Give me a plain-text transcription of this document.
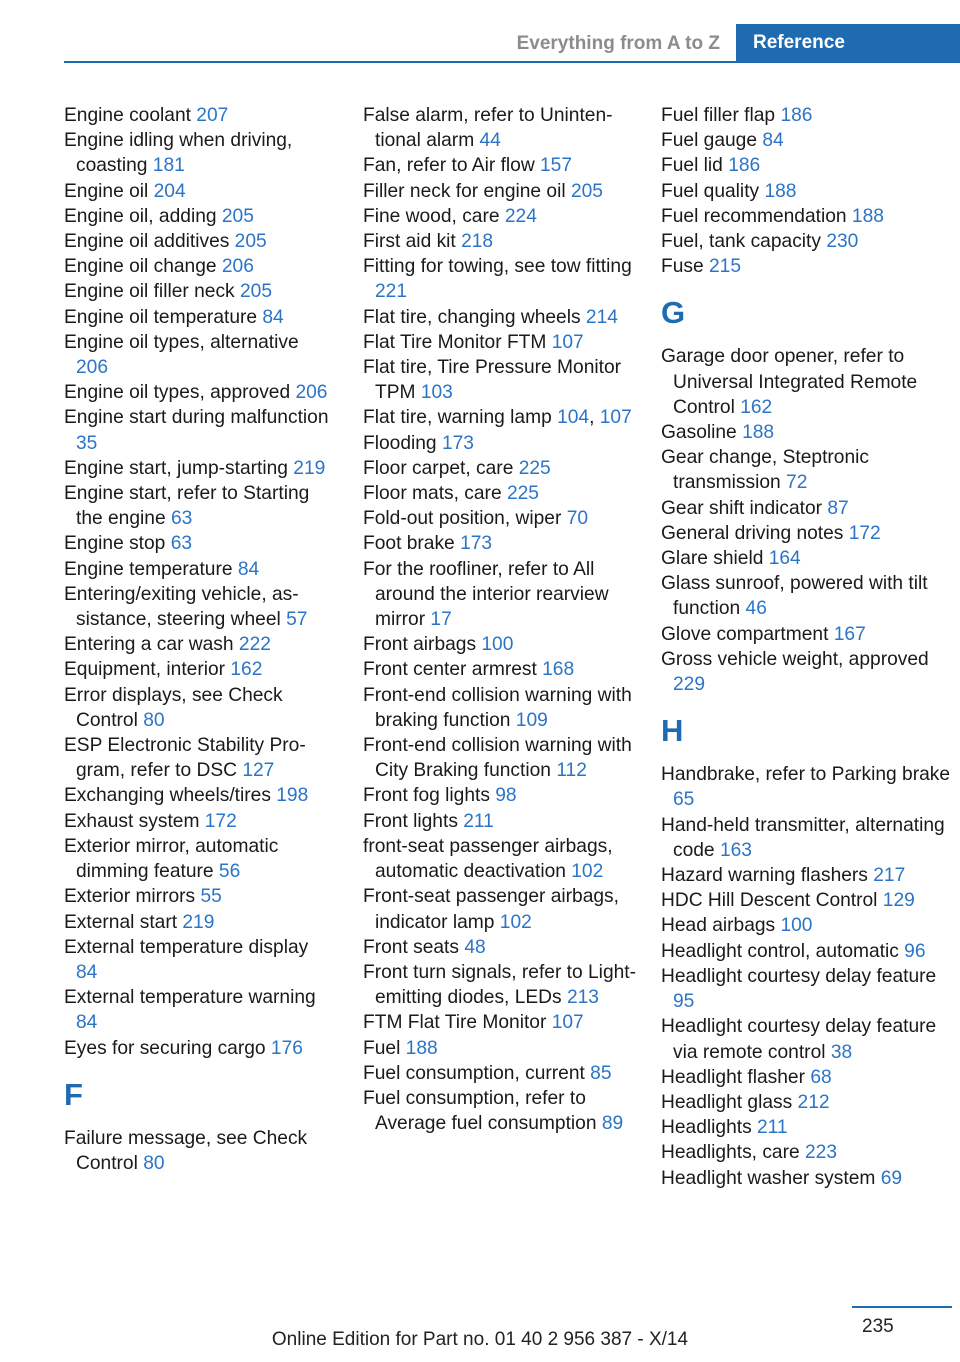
Everything from A to Z	Reference
Engine coolant 207
Engine idling when driving, coasting 181
Engine oil 204
Engine oil, adding 205
Engine oil additives 205
Engine oil change 206
Engine oil filler neck 205
Engine oil temperature 84
Engine oil types, alternative 206
Engine oil types, approved 206
Engine start during malfunction 35
Engine start, jump-starting 219
Engine start, refer to Starting the engine 63
Engine stop 63
Engine temperature 84
Entering/exiting vehicle, assistance, steering wheel 57
Entering a car wash 222
Equipment, interior 162
Error displays, see Check Control 80
ESP Electronic Stability Program, refer to DSC 127
Exchanging wheels/tires 198
Exhaust system 172
Exterior mirror, automatic dimming feature 56
Exterior mirrors 55
External start 219
External temperature display 84
External temperature warning 84
Eyes for securing cargo 176
F
Failure message, see Check Control 80
False alarm, refer to Unintentional alarm 44
Fan, refer to Air flow 157
Filler neck for engine oil 205
Fine wood, care 224
First aid kit 218
Fitting for towing, see tow fitting 221
Flat tire, changing wheels 214
Flat Tire Monitor FTM 107
Flat tire, Tire Pressure Monitor TPM 103
Flat tire, warning lamp 104, 107
Flooding 173
Floor carpet, care 225
Floor mats, care 225
Fold-out position, wiper 70
Foot brake 173
For the roofliner, refer to All around the interior rearview mirror 17
Front airbags 100
Front center armrest 168
Front-end collision warning with braking function 109
Front-end collision warning with City Braking function 112
Front fog lights 98
Front lights 211
front-seat passenger airbags, automatic deactivation 102
Front-seat passenger airbags, indicator lamp 102
Front seats 48
Front turn signals, refer to Light-emitting diodes, LEDs 213
FTM Flat Tire Monitor 107
Fuel 188
Fuel consumption, current 85
Fuel consumption, refer to Average fuel consumption 89
Fuel filler flap 186
Fuel gauge 84
Fuel lid 186
Fuel quality 188
Fuel recommendation 188
Fuel, tank capacity 230
Fuse 215
G
Garage door opener, refer to Universal Integrated Remote Control 162
Gasoline 188
Gear change, Steptronic transmission 72
Gear shift indicator 87
General driving notes 172
Glare shield 164
Glass sunroof, powered with tilt function 46
Glove compartment 167
Gross vehicle weight, approved 229
H
Handbrake, refer to Parking brake 65
Hand-held transmitter, alternating code 163
Hazard warning flashers 217
HDC Hill Descent Control 129
Head airbags 100
Headlight control, automatic 96
Headlight courtesy delay feature 95
Headlight courtesy delay feature via remote control 38
Headlight flasher 68
Headlight glass 212
Headlights 211
Headlights, care 223
Headlight washer system 69
235
Online Edition for Part no. 01 40 2 956 387 - X/14
